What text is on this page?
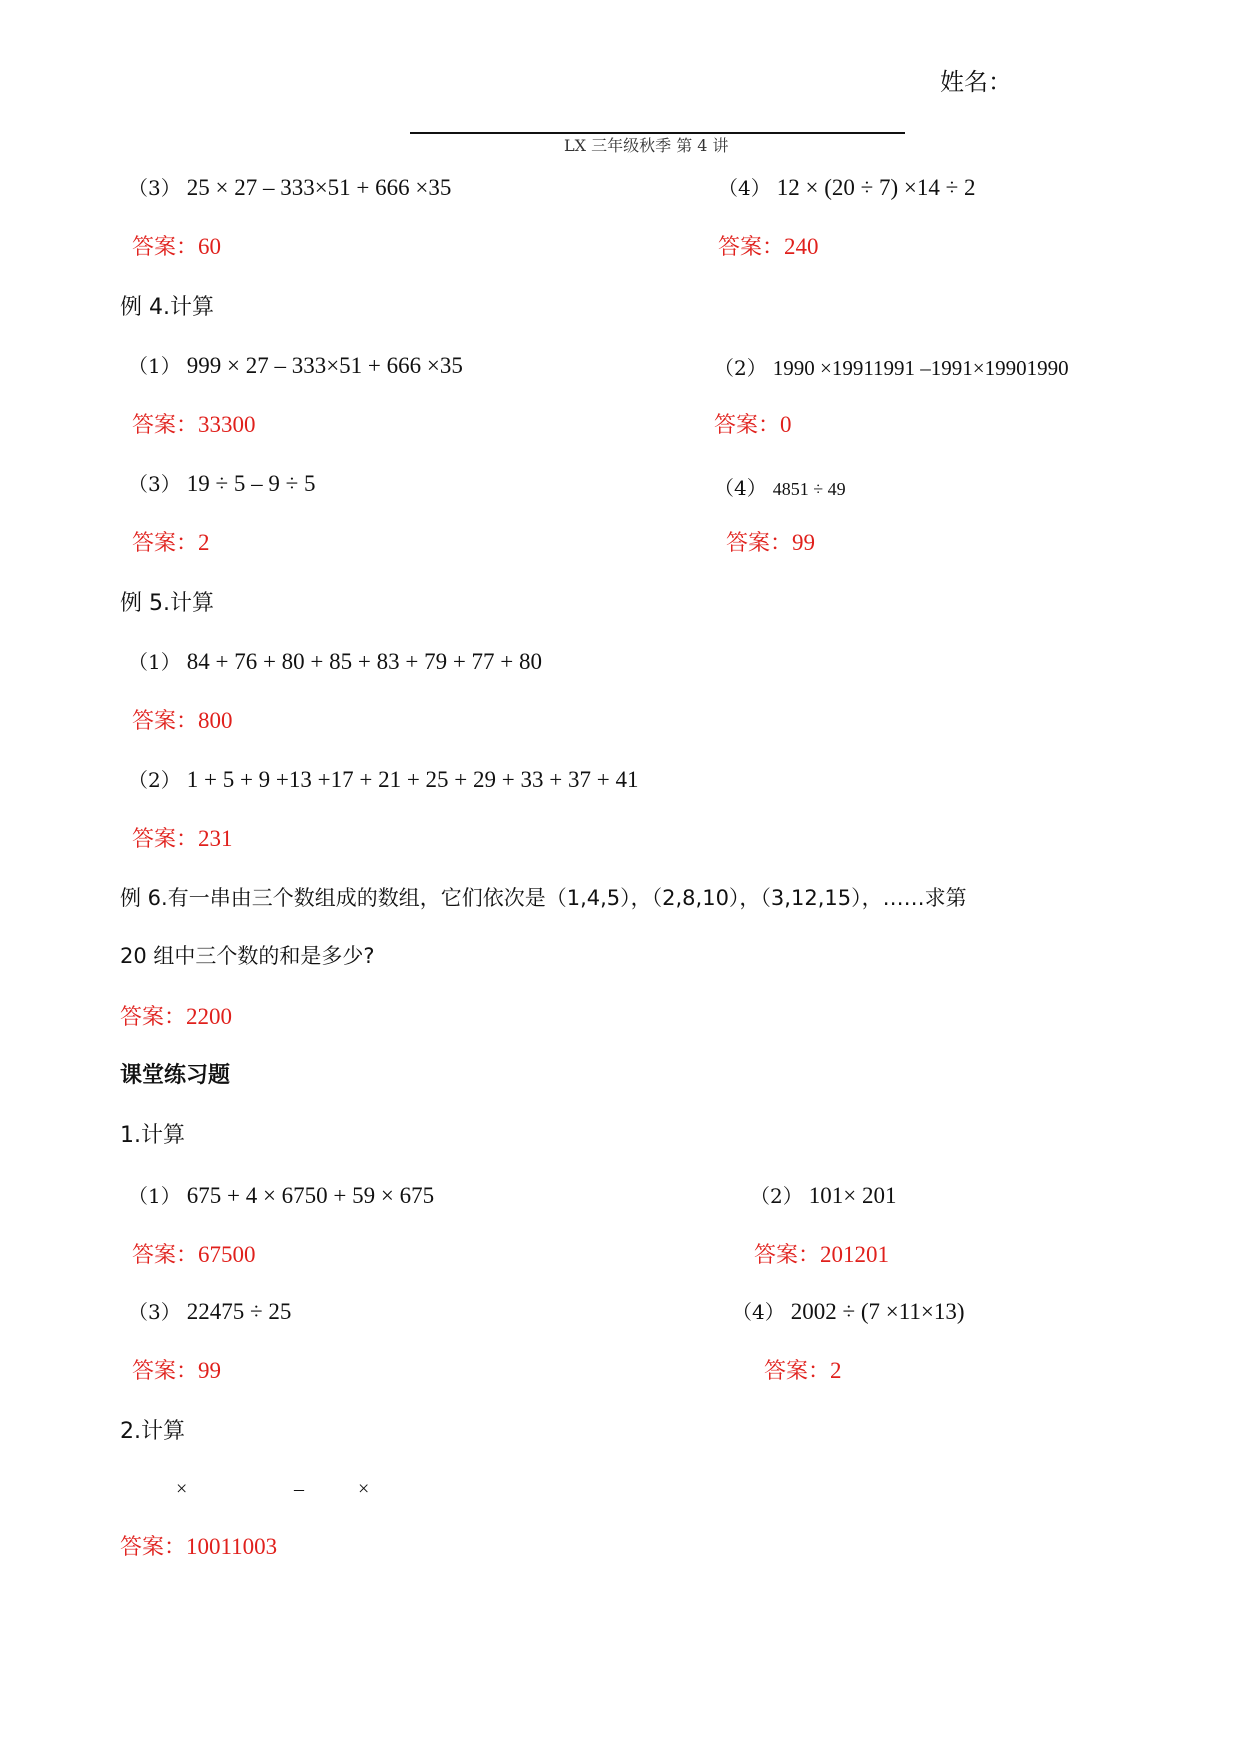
姓名：
LX 三年级秋季 第 4 讲
（3） 25 × 27 – 333×51 + 666 ×35	（4） 12 × (20 ÷ 7) ×14 ÷ 2
答案：60	答案：240
例 4.计算
（1） 999 × 27 – 333×51 + 666 ×35	（2） 1990 ×19911991 –1991×19901990
答案：33300	答案：0
（3） 19 ÷ 5 – 9 ÷ 5	（4） 4851 ÷ 49
答案：2	答案：99
例 5.计算
（1） 84 + 76 + 80 + 85 + 83 + 79 + 77 + 80
答案：800
（2） 1 + 5 + 9 +13 +17 + 21 + 25 + 29 + 33 + 37 + 41
答案：231
例 6.有一串由三个数组成的数组，它们依次是（1,4,5），（2,8,10），（3,12,15），……求第
20 组中三个数的和是多少?
答案：2200
课堂练习题
1.计算
（1） 675 + 4 × 6750 + 59 × 675	（2） 101× 201
答案：67500	答案：201201
（3） 22475 ÷ 25	（4） 2002 ÷ (7 ×11×13)
答案：99	答案：2
2.计算
×	–	×
答案：10011003
